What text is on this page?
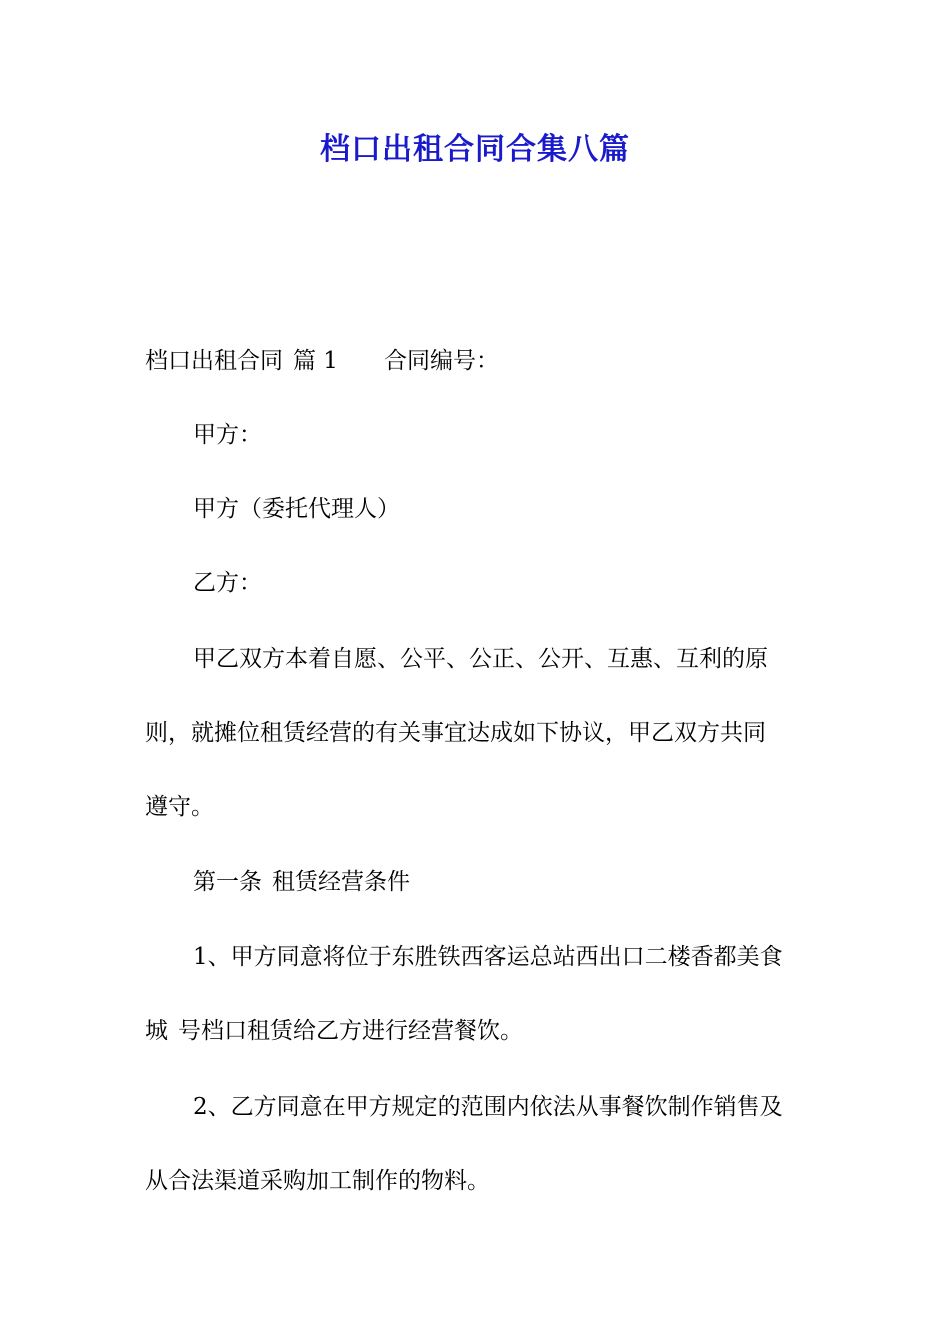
档口出租合同合集八篇
档口出租合同 篇 1 合同编号：
甲方：
甲方（委托代理人）
乙方：
甲乙双方本着自愿、公平、公正、公开、互惠、互利的原
则，就摊位租赁经营的有关事宜达成如下协议，甲乙双方共同
遵守。
第一条 租赁经营条件
1、甲方同意将位于东胜铁西客运总站西出口二楼香都美食
城 号档口租赁给乙方进行经营餐饮。
2、乙方同意在甲方规定的范围内依法从事餐饮制作销售及
从合法渠道采购加工制作的物料。
